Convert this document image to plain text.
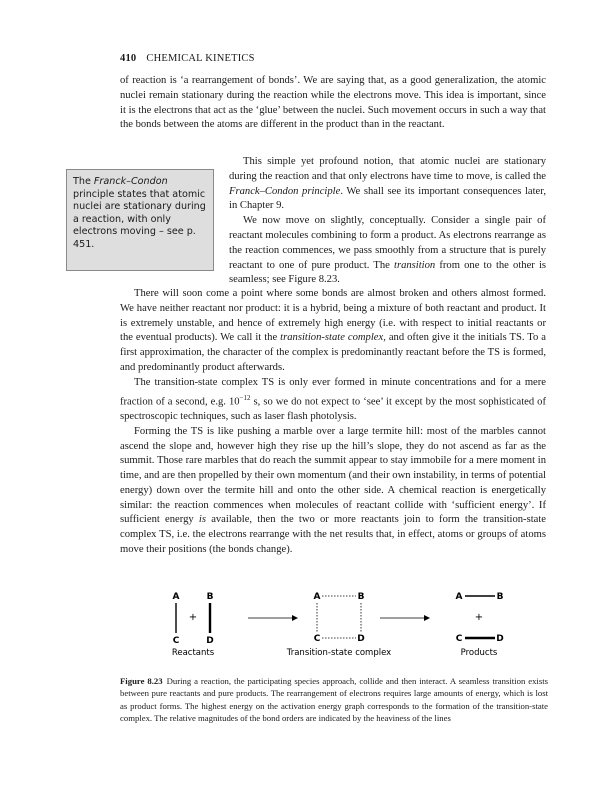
410 CHEMICAL KINETICS

of reaction is ‘a rearrangement of bonds’. We are saying that, as a good generalization, the atomic nuclei remain stationary during the reaction while the electrons move. This idea is important, since it is the electrons that act as the ‘glue’ between the nuclei. Such movement occurs in such a way that the bonds between the atoms are different in the product than in the reactant.

This simple yet profound notion, that atomic nuclei are stationary during the reaction and that only electrons have time to move, is called the Franck–Condon principle. We shall see its important consequences later, in Chapter 9.

We now move on slightly, conceptually. Consider a single pair of reactant molecules combining to form a product. As electrons rearrange as the reaction commences, we pass smoothly from a structure that is purely reactant to one of pure product. The transition from one to the other is seamless; see Figure 8.23.

The Franck–Condon principle states that atomic nuclei are stationary during a reaction, with only electrons moving – see p. 451.

There will soon come a point where some bonds are almost broken and others almost formed. We have neither reactant nor product: it is a hybrid, being a mixture of both reactant and product. It is extremely unstable, and hence of extremely high energy (i.e. with respect to initial reactants or the eventual products). We call it the transition-state complex, and often give it the initials TS. To a first approximation, the character of the complex is predominantly reactant before the TS is formed, and predominantly product afterwards.

The transition-state complex TS is only ever formed in minute concentrations and for a mere fraction of a second, e.g. $10^{-12}$ s, so we do not expect to ‘see’ it except by the most sophisticated of spectroscopic techniques, such as laser flash photolysis.

Forming the TS is like pushing a marble over a large termite hill: most of the marbles cannot ascend the slope and, however high they rise up the hill’s slope, they do not ascend as far as the summit. Those rare marbles that do reach the summit appear to stay immobile for a mere moment in time, and are then propelled by their own momentum (and their own instability, in terms of potential energy) down over the termite hill and onto the other side. A chemical reaction is energetically similar: the reaction commences when molecules of reactant collide with ‘sufficient energy’. If sufficient energy is available, then the two or more reactants join to form the transition-state complex TS, i.e. the electrons rearrange with the net results that, in effect, atoms or groups of atoms move their positions (the bonds change).

A	B
+
C	D
Reactants
A	B
C	D
Transition-state complex
A	B
+
C	D
Products
Figure 8.23 During a reaction, the participating species approach, collide and then interact. A seamless transition exists between pure reactants and pure products. The rearrangement of electrons requires large amounts of energy, which is lost as product forms. The highest energy on the activation energy graph corresponds to the formation of the transition-state complex. The relative magnitudes of the bond orders are indicated by the heaviness of the lines
